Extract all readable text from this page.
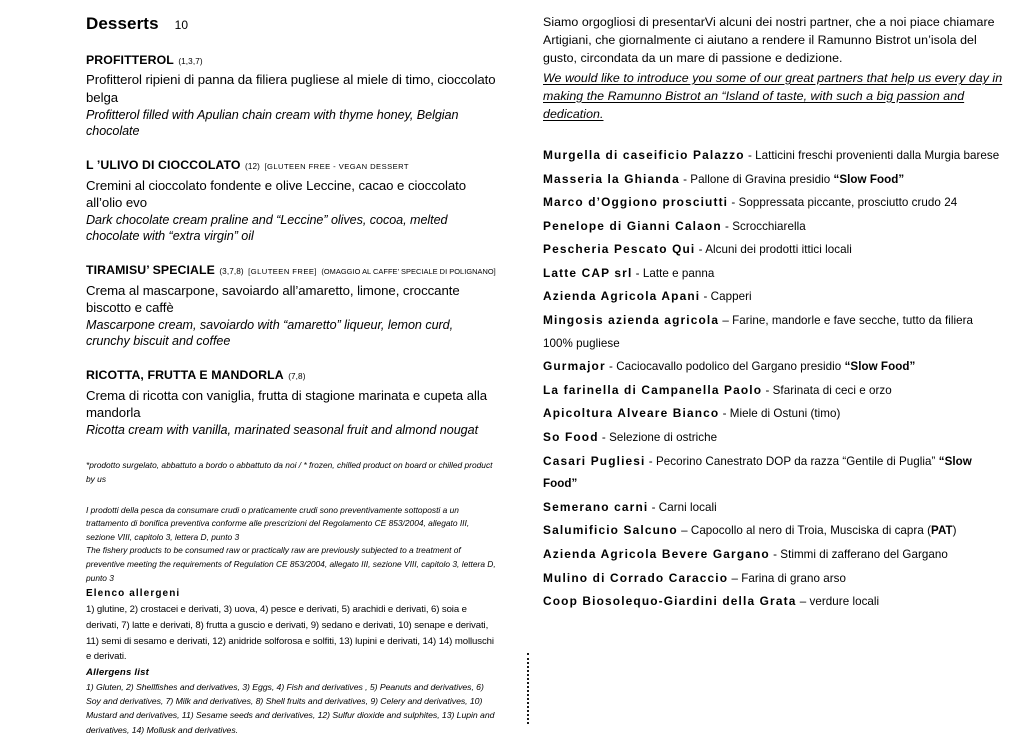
Desserts 10
PROFITTEROL (1,3,7)
Profitterol ripieni di panna da filiera pugliese al miele di timo, cioccolato belga
Profitterol filled with Apulian chain cream with thyme honey, Belgian chocolate
L ’ULIVO DI CIOCCOLATO (12) [GLUTEEN FREE - VEGAN DESSERT
Cremini al cioccolato fondente e olive Leccine, cacao e cioccolato all’olio evo
Dark chocolate cream praline and “Leccine” olives, cocoa, melted chocolate with “extra virgin” oil
TIRAMISU’ SPECIALE (3,7,8) [GLUTEEN FREE] (OMAGGIO AL CAFFE’ SPECIALE DI POLIGNANO]
Crema al mascarpone, savoiardo all’amaretto, limone, croccante biscotto e caffè
Mascarpone cream, savoiardo with “amaretto” liqueur, lemon curd, crunchy biscuit and coffee
RICOTTA, FRUTTA E MANDORLA (7,8)
Crema di ricotta con vaniglia, frutta di stagione marinata e cupeta alla mandorla
Ricotta cream with vanilla, marinated seasonal fruit and almond nougat
*prodotto surgelato, abbattuto a bordo o abbattuto da noi / * frozen, chilled product on board or chilled product by us
I prodotti della pesca da consumare crudi o praticamente crudi sono preventivamente sottoposti a un trattamento di bonifica preventiva conforme alle prescrizioni del Regolamento CE 853/2004, allegato III, sezione VIII, capitolo 3, lettera D, punto 3
The fishery products to be consumed raw or practically raw are previously subjected to a treatment of preventive meeting the requirements of Regulation CE 853/2004, allegato III, sezione VIII, capitolo 3, lettera D, punto 3
Elenco allergeni
1) glutine, 2) crostacei e derivati, 3) uova, 4) pesce e derivati, 5) arachidi e derivati, 6) soia e derivati, 7) latte e derivati, 8) frutta a guscio e derivati, 9) sedano e derivati, 10) senape e derivati, 11) semi di sesamo e derivati, 12) anidride solforosa e solfiti, 13) lupini e derivati, 14) 14) molluschi e derivati.
Allergens list
1) Gluten, 2) Shellfishes and derivatives, 3) Eggs, 4) Fish and derivatives , 5) Peanuts and derivatives, 6) Soy and derivatives, 7) Milk and derivatives, 8) Shell fruits and derivatives, 9) Celery and derivatives, 10) Mustard and derivatives, 11) Sesame seeds and derivatives, 12) Sulfur dioxide and sulphites, 13) Lupin and derivatives, 14) Mollusk and derivatives.
Siamo orgogliosi di presentarVi alcuni dei nostri partner, che a noi piace chiamare Artigiani, che giornalmente ci aiutano a rendere il Ramunno Bistrot un’isola del gusto, circondata da un mare di passione e dedizione.
We would like to introduce you some of our great partners that help us every day in making the Ramunno Bistrot an “Island of taste, with such a big passion and dedication.
Murgella di caseificio Palazzo - Latticini freschi provenienti dalla Murgia barese
Masseria la Ghianda - Pallone di Gravina presidio “Slow Food”
Marco d’Oggiono prosciutti - Soppressata piccante, prosciutto crudo 24
Penelope di Gianni Calaon - Scrocchiarella
Pescheria Pescato Qui - Alcuni dei prodotti ittici locali
Latte CAP srl - Latte e panna
Azienda Agricola Apani - Capperi
Mingosis azienda agricola – Farine, mandorle e fave secche, tutto da filiera 100% pugliese
Gurmajor - Caciocavallo podolico del Gargano presidio “Slow Food”
La farinella di Campanella Paolo - Sfarinata di ceci e orzo
Apicoltura Alveare Bianco - Miele di Ostuni (timo)
So Food - Selezione di ostriche
Casari Pugliesi - Pecorino Canestrato DOP da razza “Gentile di Puglia” “Slow Food”
Semerano carni - Carni locali
Salumificio Salcuno – Capocollo al nero di Troia, Musciska di capra (PAT)
Azienda Agricola Bevere Gargano - Stimmi di zafferano del Gargano
Mulino di Corrado Caraccio – Farina di grano arso
Coop Biosolequo-Giardini della Grata – verdure locali
